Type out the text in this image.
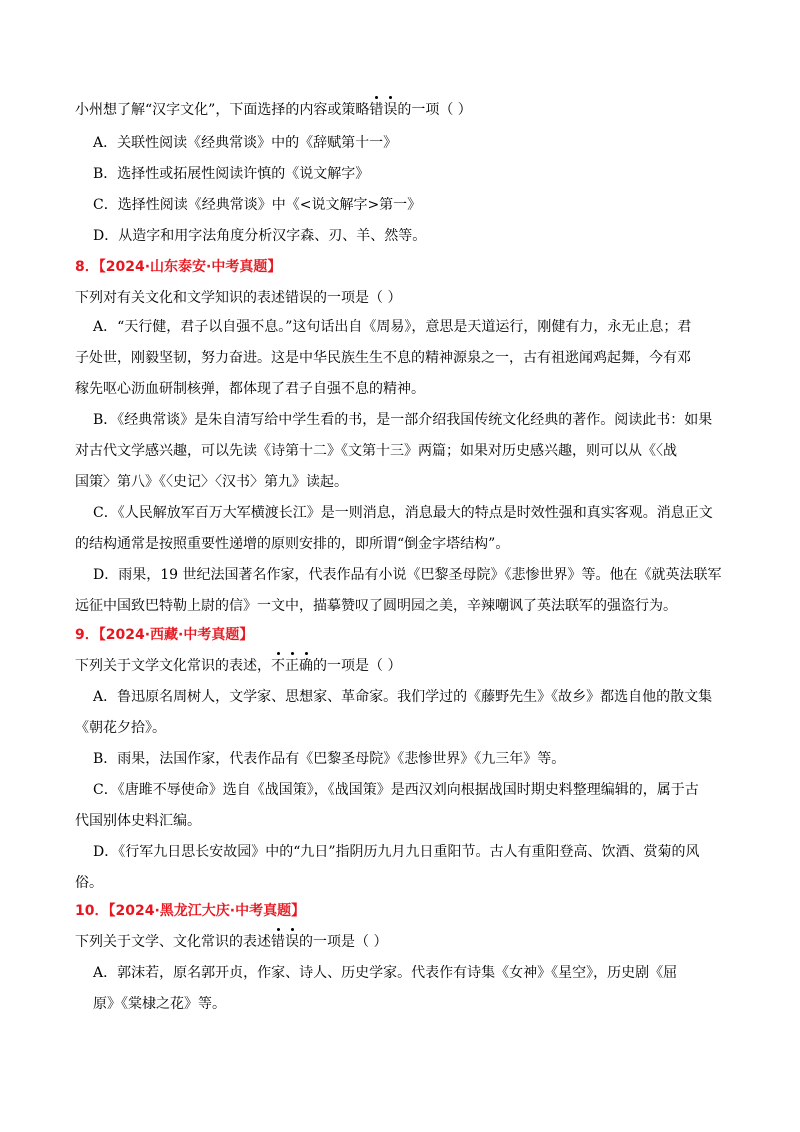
小州想了解“汉字文化”，下面选择的内容或策略错误的一项（ ）
A．关联性阅读《经典常谈》中的《辞赋第十一》
B．选择性或拓展性阅读许慎的《说文解字》
C．选择性阅读《经典常谈》中《<说文解字>第一》
D．从造字和用字法角度分析汉字森、刃、羊、然等。
8．【2024·山东泰安·中考真题】
下列对有关文化和文学知识的表述错误的一项是（ ）
A．“天行健，君子以自强不息。”这句话出自《周易》，意思是天道运行，刚健有力，永无止息；君
子处世，刚毅坚韧，努力奋进。这是中华民族生生不息的精神源泉之一，古有祖逖闻鸡起舞，今有邓
稼先呕心沥血研制核弹，都体现了君子自强不息的精神。
B．《经典常谈》是朱自清写给中学生看的书，是一部介绍我国传统文化经典的著作。阅读此书：如果
对古代文学感兴趣，可以先读《诗第十二》《文第十三》两篇；如果对历史感兴趣，则可以从《〈战
国策〉第八》《〈史记〉〈汉书〉第九》读起。
C．《人民解放军百万大军横渡长江》是一则消息，消息最大的特点是时效性强和真实客观。消息正文
的结构通常是按照重要性递增的原则安排的，即所谓“倒金字塔结构”。
D．雨果，19 世纪法国著名作家，代表作品有小说《巴黎圣母院》《悲惨世界》等。他在《就英法联军
远征中国致巴特勒上尉的信》一文中，描摹赞叹了圆明园之美，辛辣嘲讽了英法联军的强盗行为。
9．【2024·西藏·中考真题】
下列关于文学文化常识的表述，不正确的一项是（ ）
A．鲁迅原名周树人，文学家、思想家、革命家。我们学过的《藤野先生》《故乡》都选自他的散文集
《朝花夕拾》。
B．雨果，法国作家，代表作品有《巴黎圣母院》《悲惨世界》《九三年》等。
C．《唐雎不辱使命》选自《战国策》，《战国策》是西汉刘向根据战国时期史料整理编辑的，属于古
代国别体史料汇编。
D．《行军九日思长安故园》中的“九日”指阴历九月九日重阳节。古人有重阳登高、饮酒、赏菊的风
俗。
10．【2024·黑龙江大庆·中考真题】
下列关于文学、文化常识的表述错误的一项是（ ）
A．郭沫若，原名郭开贞，作家、诗人、历史学家。代表作有诗集《女神》《星空》，历史剧《屈
原》《棠棣之花》等。
